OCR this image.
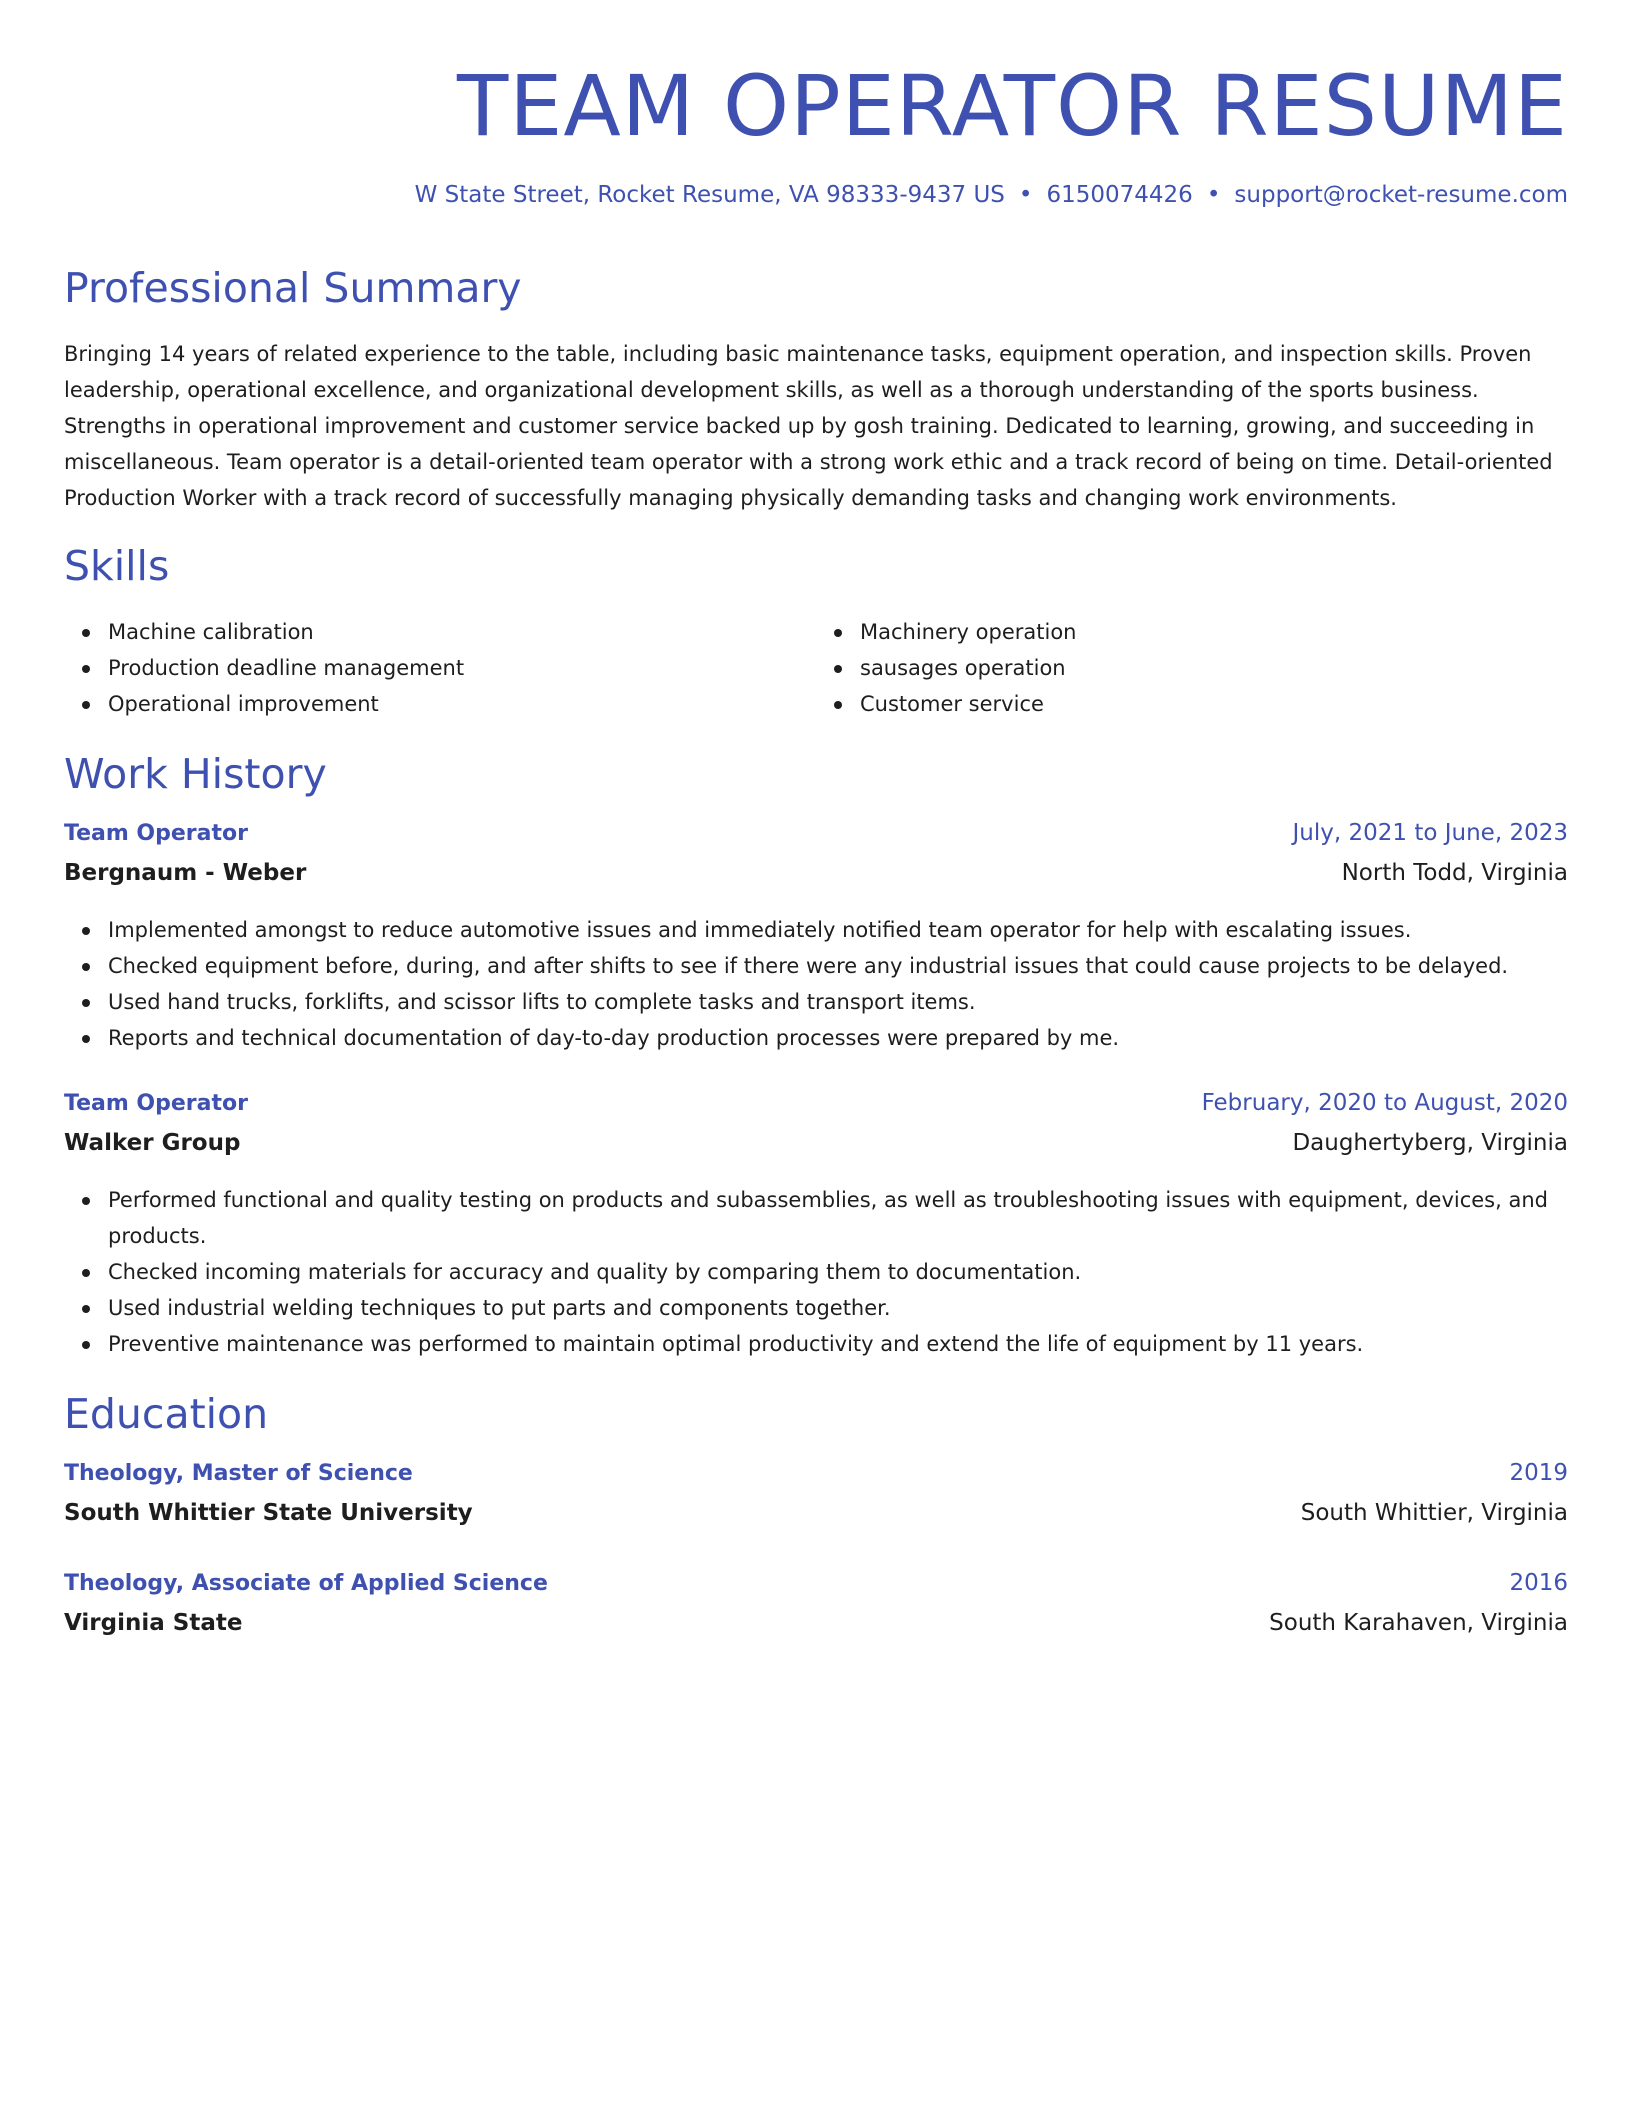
TEAM OPERATOR RESUME
W State Street, Rocket Resume, VA 98333-9437 US • 6150074426 • support@rocket-resume.com
Professional Summary

Bringing 14 years of related experience to the table, including basic maintenance tasks, equipment operation, and inspection skills. Proven leadership, operational excellence, and organizational development skills, as well as a thorough understanding of the sports business. Strengths in operational improvement and customer service backed up by gosh training. Dedicated to learning, growing, and succeeding in miscellaneous. Team operator is a detail-oriented team operator with a strong work ethic and a track record of being on time. Detail-oriented Production Worker with a track record of successfully managing physically demanding tasks and changing work environments.

Skills
Machine calibration
Production deadline management
Operational improvement
Machinery operation
sausages operation
Customer service
Work History
Team Operator	July, 2021 to June, 2023
Bergnaum - Weber	North Todd, Virginia
Implemented amongst to reduce automotive issues and immediately notified team operator for help with escalating issues.
Checked equipment before, during, and after shifts to see if there were any industrial issues that could cause projects to be delayed.
Used hand trucks, forklifts, and scissor lifts to complete tasks and transport items.
Reports and technical documentation of day-to-day production processes were prepared by me.
Team Operator	February, 2020 to August, 2020
Walker Group	Daughertyberg, Virginia
Performed functional and quality testing on products and subassemblies, as well as troubleshooting issues with equipment, devices, and products.
Checked incoming materials for accuracy and quality by comparing them to documentation.
Used industrial welding techniques to put parts and components together.
Preventive maintenance was performed to maintain optimal productivity and extend the life of equipment by 11 years.
Education
Theology, Master of Science	2019
South Whittier State University	South Whittier, Virginia
Theology, Associate of Applied Science	2016
Virginia State	South Karahaven, Virginia
